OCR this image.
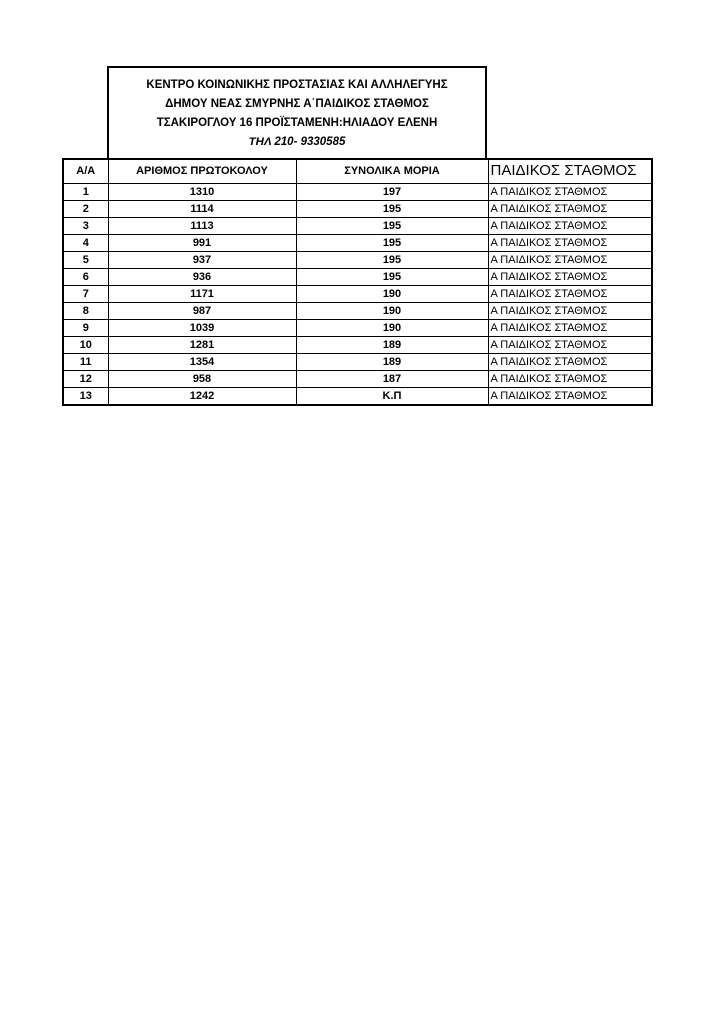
ΚΕΝΤΡΟ ΚΟΙΝΩΝΙΚΗΣ ΠΡΟΣΤΑΣΙΑΣ ΚΑΙ ΑΛΛΗΛΕΓΥΗΣ
ΔΗΜΟΥ ΝΕΑΣ ΣΜΥΡΝΗΣ Α΄ΠΑΙΔΙΚΟΣ ΣΤΑΘΜΟΣ
ΤΣΑΚΙΡΟΓΛΟΥ 16 ΠΡΟΪΣΤΑΜΕΝΗ:ΗΛΙΑΔΟΥ ΕΛΕΝΗ
ΤΗΛ 210- 9330585
Α/Α	ΑΡΙΘΜΟΣ ΠΡΩΤΟΚΟΛΟΥ	ΣΥΝΟΛΙΚΑ ΜΟΡΙΑ	ΠΑΙΔΙΚΟΣ ΣΤΑΘΜΟΣ
1	1310	197	Α ΠΑΙΔΙΚΟΣ ΣΤΑΘΜΟΣ
2	1114	195	Α ΠΑΙΔΙΚΟΣ ΣΤΑΘΜΟΣ
3	1113	195	Α ΠΑΙΔΙΚΟΣ ΣΤΑΘΜΟΣ
4	991	195	Α ΠΑΙΔΙΚΟΣ ΣΤΑΘΜΟΣ
5	937	195	Α ΠΑΙΔΙΚΟΣ ΣΤΑΘΜΟΣ
6	936	195	Α ΠΑΙΔΙΚΟΣ ΣΤΑΘΜΟΣ
7	1171	190	Α ΠΑΙΔΙΚΟΣ ΣΤΑΘΜΟΣ
8	987	190	Α ΠΑΙΔΙΚΟΣ ΣΤΑΘΜΟΣ
9	1039	190	Α ΠΑΙΔΙΚΟΣ ΣΤΑΘΜΟΣ
10	1281	189	Α ΠΑΙΔΙΚΟΣ ΣΤΑΘΜΟΣ
11	1354	189	Α ΠΑΙΔΙΚΟΣ ΣΤΑΘΜΟΣ
12	958	187	Α ΠΑΙΔΙΚΟΣ ΣΤΑΘΜΟΣ
13	1242	Κ.Π	Α ΠΑΙΔΙΚΟΣ ΣΤΑΘΜΟΣ
